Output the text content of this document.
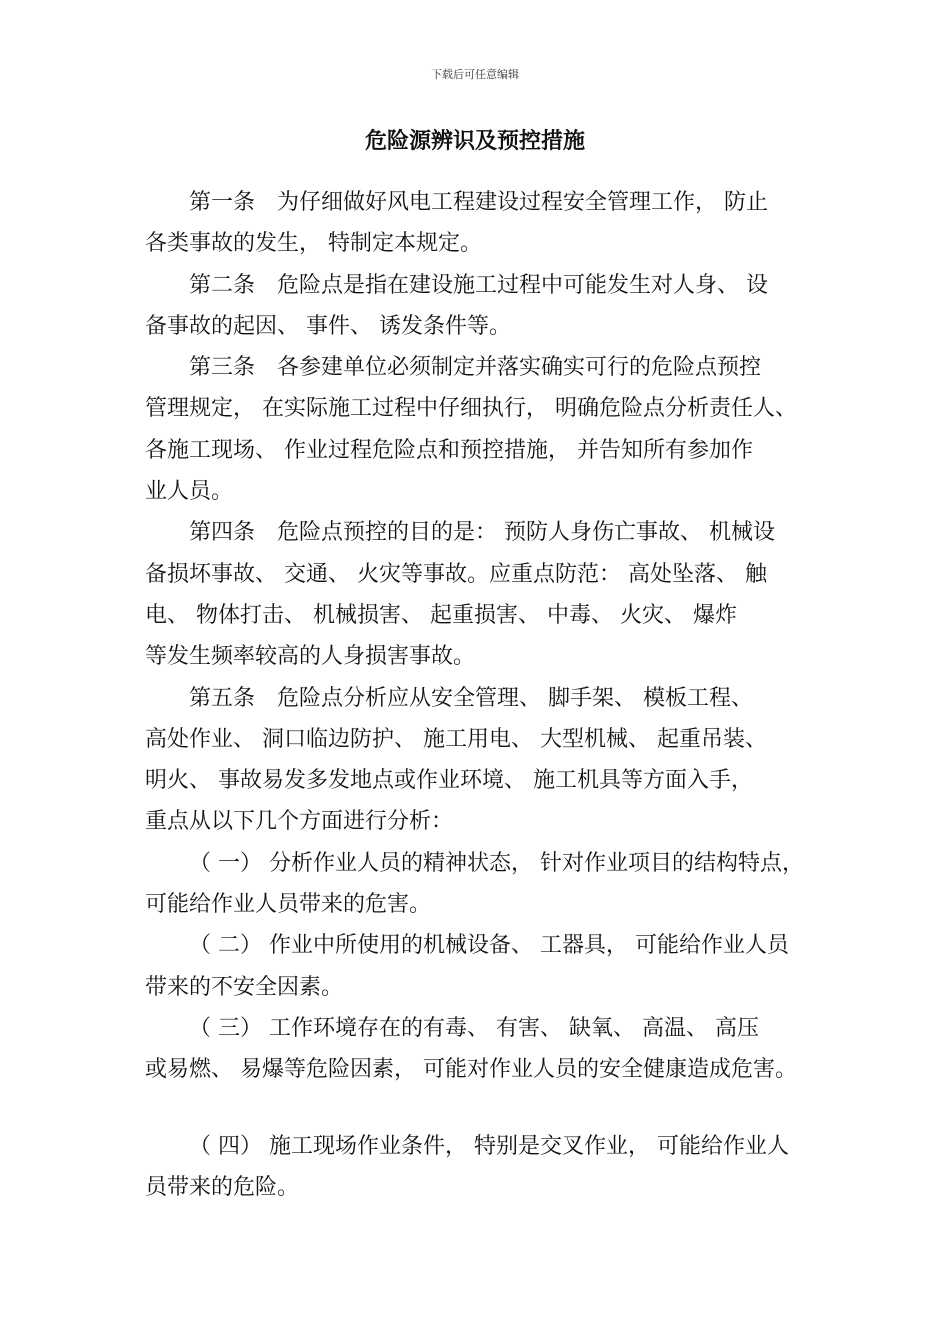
下载后可任意编辑
危险源辨识及预控措施
第一条　为仔细做好风电工程建设过程安全管理工作， 防止
各类事故的发生， 特制定本规定。
第二条　危险点是指在建设施工过程中可能发生对人身、 设
备事故的起因、 事件、 诱发条件等。
第三条　各参建单位必须制定并落实确实可行的危险点预控
管理规定， 在实际施工过程中仔细执行， 明确危险点分析责任人、
各施工现场、 作业过程危险点和预控措施， 并告知所有参加作
业人员。
第四条　危险点预控的目的是： 预防人身伤亡事故、 机械设
备损坏事故、 交通、 火灾等事故。应重点防范： 高处坠落、 触
电、 物体打击、 机械损害、 起重损害、 中毒、 火灾、 爆炸
等发生频率较高的人身损害事故。
第五条　危险点分析应从安全管理、 脚手架、 模板工程、
高处作业、 洞口临边防护、 施工用电、 大型机械、 起重吊装、
明火、 事故易发多发地点或作业环境、 施工机具等方面入手，
重点从以下几个方面进行分析：
（ 一） 分析作业人员的精神状态， 针对作业项目的结构特点，
可能给作业人员带来的危害。
（ 二） 作业中所使用的机械设备、 工器具， 可能给作业人员
带来的不安全因素。
（ 三） 工作环境存在的有毒、 有害、 缺氧、 高温、 高压
或易燃、 易爆等危险因素， 可能对作业人员的安全健康造成危害。
（ 四） 施工现场作业条件， 特别是交叉作业， 可能给作业人
员带来的危险。
